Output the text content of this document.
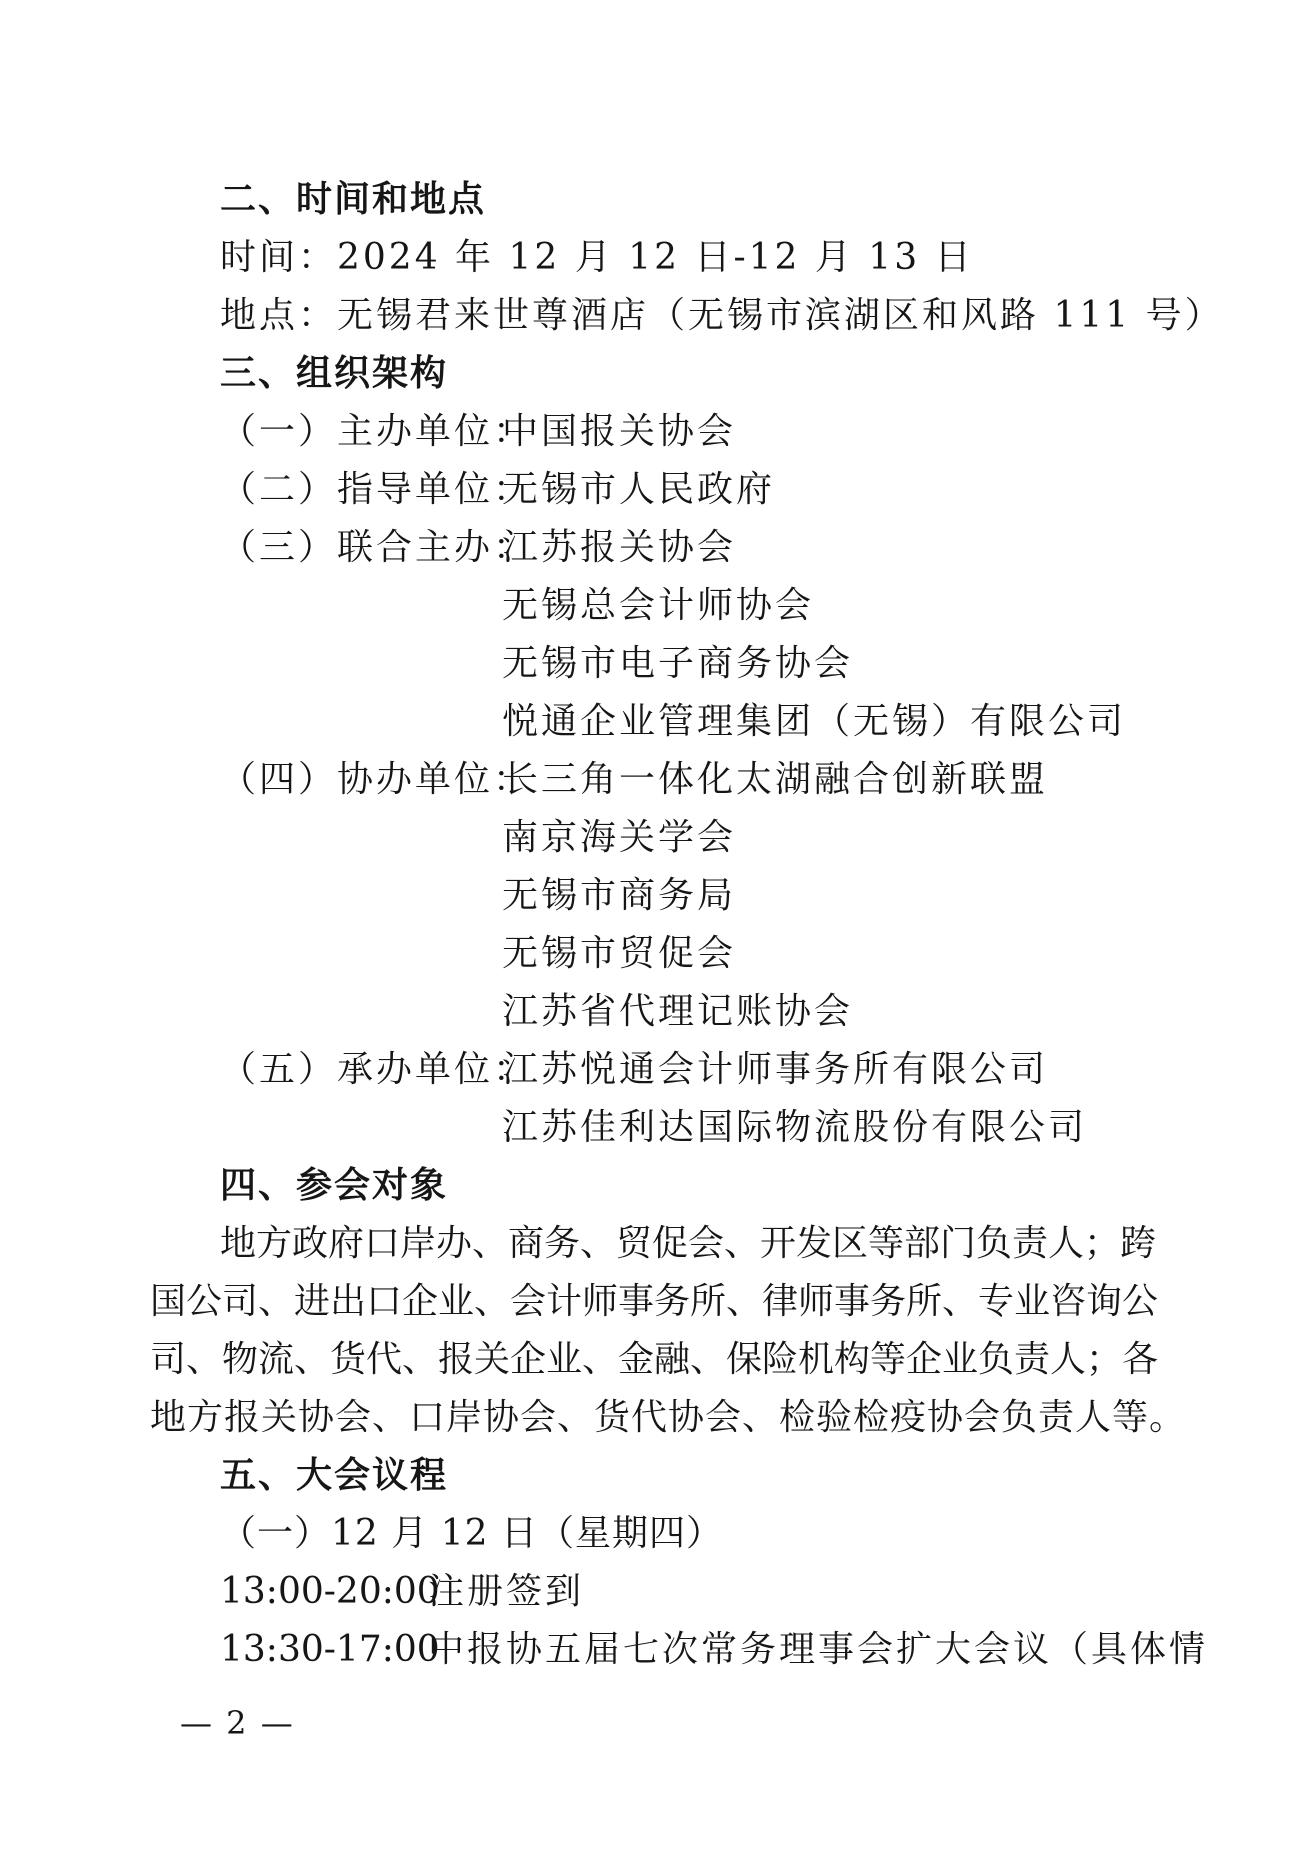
二、时间和地点
时间：2024 年 12 月 12 日-12 月 13 日
地点：无锡君来世尊酒店（无锡市滨湖区和风路 111 号）
三、组织架构
（一）主办单位：
中国报关协会
（二）指导单位：
无锡市人民政府
（三）联合主办：
江苏报关协会
无锡总会计师协会
无锡市电子商务协会
悦通企业管理集团（无锡）有限公司
（四）协办单位：
长三角一体化太湖融合创新联盟
南京海关学会
无锡市商务局
无锡市贸促会
江苏省代理记账协会
（五）承办单位：
江苏悦通会计师事务所有限公司
江苏佳利达国际物流股份有限公司
四、参会对象
地方政府口岸办、商务、贸促会、开发区等部门负责人；跨
国公司、进出口企业、会计师事务所、律师事务所、专业咨询公
司、物流、货代、报关企业、金融、保险机构等企业负责人；各
地方报关协会、口岸协会、货代协会、检验检疫协会负责人等。
五、大会议程
（一）12 月 12 日（星期四）
13:00-20:00
注册签到
13:30-17:00
中报协五届七次常务理事会扩大会议（具体情
— 2 —
